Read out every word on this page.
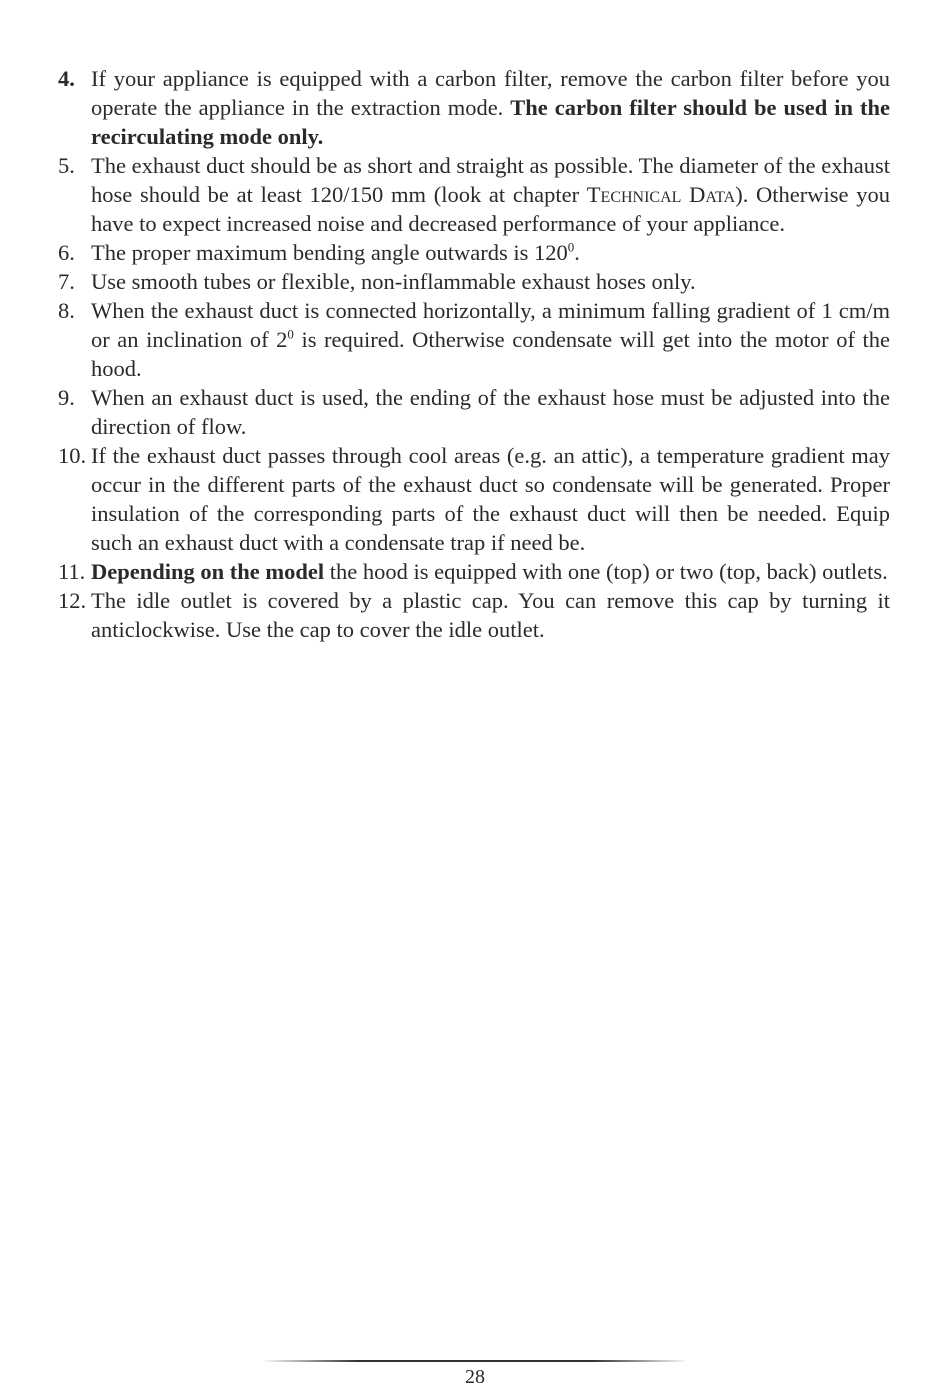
4. If your appliance is equipped with a carbon filter, remove the carbon filter before you operate the appliance in the extraction mode. The carbon filter should be used in the recirculating mode only.
5. The exhaust duct should be as short and straight as possible. The diameter of the exhaust hose should be at least 120/150 mm (look at chapter Technical Data). Otherwise you have to expect increased noise and decreased performance of your appliance.
6. The proper maximum bending angle outwards is $120^0$.
7. Use smooth tubes or flexible, non-inflammable exhaust hoses only.
8. When the exhaust duct is connected horizontally, a minimum falling gradient of 1 cm/m or an inclination of $2^0$ is required. Otherwise condensate will get into the motor of the hood.
9. When an exhaust duct is used, the ending of the exhaust hose must be adjusted into the direction of flow.
10. If the exhaust duct passes through cool areas (e.g. an attic), a temperature gradient may occur in the different parts of the exhaust duct so condensate will be generated. Proper insulation of the corresponding parts of the exhaust duct will then be needed. Equip such an exhaust duct with a condensate trap if need be.
11. Depending on the model the hood is equipped with one (top) or two (top, back) outlets.
12. The idle outlet is covered by a plastic cap. You can remove this cap by turning it anticlockwise. Use the cap to cover the idle outlet.
28
